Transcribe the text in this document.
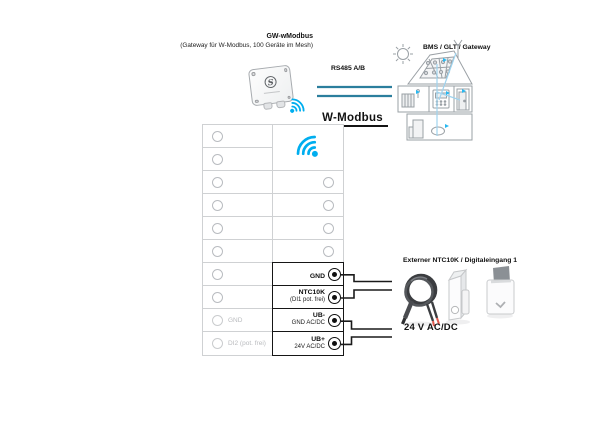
GW-wModbus
(Gateway für W-Modbus, 100 Geräte im Mesh)
S
RS485 A/B
BMS / GLT / Gateway
W-Modbus
GND
DI2 (pot. frei)
GND
NTC10K
(DI1 pot. frei)
UB-
GND AC/DC
UB+
24V AC/DC
Externer NTC10K / Digitaleingang 1
24 V AC/DC
